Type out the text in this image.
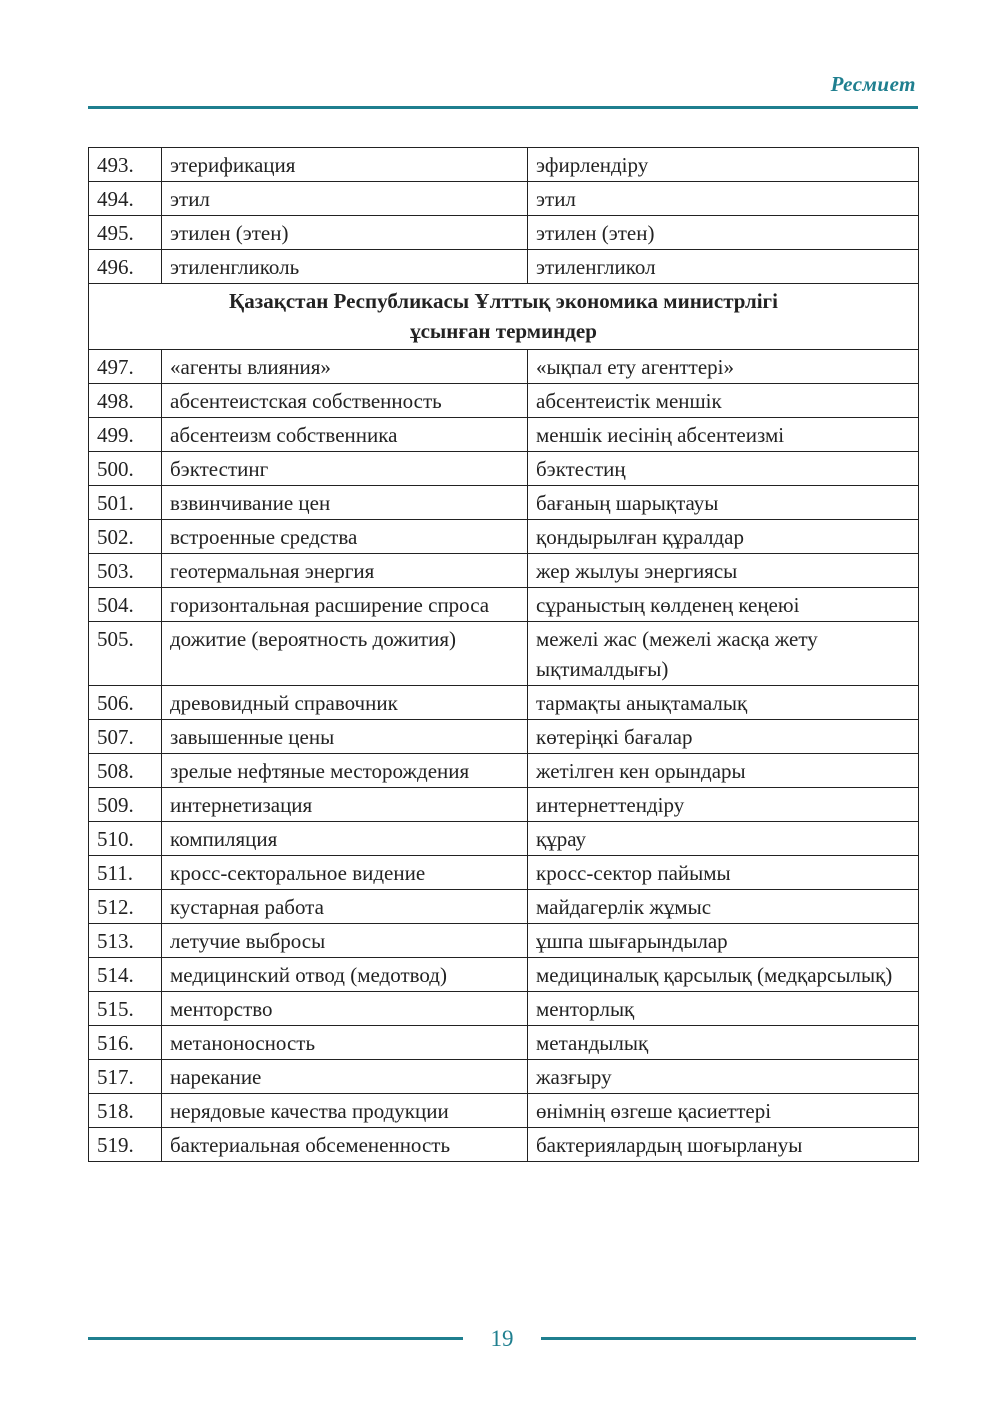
Ресмиет
493.	этерификация	эфирлендіру
494.	этил	этил
495.	этилен (этен)	этилен (этен)
496.	этиленгликоль	этиленгликол

Қазақстан Республикасы Ұлттық экономика министрлігі
ұсынған терминдер		

497.	«агенты влияния»	«ықпал ету агенттері»
498.	абсентеистская собственность	абсентеистік меншік
499.	абсентеизм собственника	меншік иесінің абсентеизмі
500.	бэктестинг	бэктестиң
501.	взвинчивание цен	бағаның шарықтауы
502.	встроенные средства	қондырылған құралдар
503.	геотермальная энергия	жер жылуы энергиясы
504.	горизонтальная расширение спроса	сұраныстың көлденең кеңеюі
505.	дожитие (вероятность дожития)	межелі жас (межелі жасқа жету ықтималдығы)
506.	древовидный справочник	тармақты анықтамалық
507.	завышенные цены	көтеріңкі бағалар
508.	зрелые нефтяные месторождения	жетілген кен орындары
509.	интернетизация	интернеттендіру
510.	компиляция	құрау
511.	кросс-секторальное видение	кросс-сектор пайымы
512.	кустарная работа	майдагерлік жұмыс
513.	летучие выбросы	ұшпа шығарындылар
514.	медицинский отвод (медотвод)	медициналық қарсылық (медқарсылық)
515.	менторство	менторлық
516.	метаноносность	метандылық
517.	нарекание	жазғыру
518.	нерядовые качества продукции	өнімнің өзгеше қасиеттері
519.	бактериальная обсемененность	бактериялардың шоғырлануы
19
